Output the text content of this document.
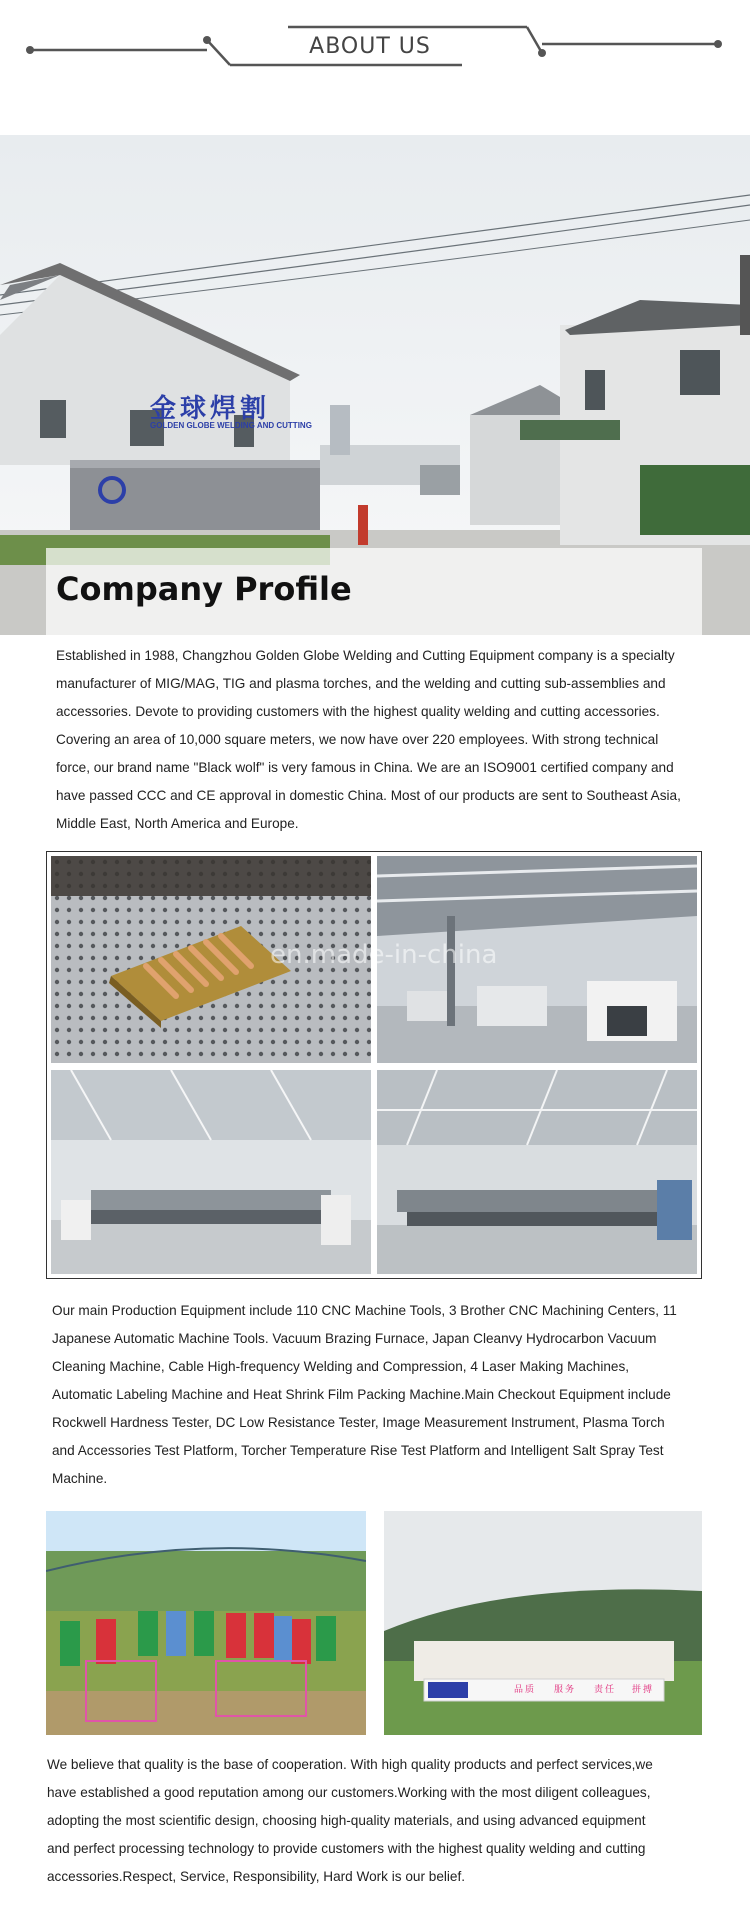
ABOUT US
金球焊割
GOLDEN GLOBE WELDING AND CUTTING
Company Profile
Established in 1988, Changzhou Golden Globe Welding and Cutting Equipment company is a specialty
manufacturer of MIG/MAG, TIG and plasma torches, and the welding and cutting sub-assemblies and
accessories. Devote to providing customers with the highest quality welding and cutting accessories.
Covering an area of 10,000 square meters, we now have over 220 employees. With strong technical
force, our brand name "Black wolf" is very famous in China. We are an ISO9001 certified company and
have passed CCC and CE approval in domestic China. Most of our products are sent to Southeast Asia,
Middle East, North America and Europe.
en.made-in-china
Our main Production Equipment include 110 CNC Machine Tools, 3 Brother CNC Machining Centers, 11
Japanese Automatic Machine Tools. Vacuum Brazing Furnace, Japan Cleanvy Hydrocarbon Vacuum
Cleaning Machine, Cable High-frequency Welding and Compression, 4 Laser Making Machines,
Automatic Labeling Machine and Heat Shrink Film Packing Machine.Main Checkout Equipment include
Rockwell Hardness Tester, DC Low Resistance Tester, Image Measurement Instrument, Plasma Torch
and Accessories Test Platform, Torcher Temperature Rise Test Platform and Intelligent Salt Spray Test
Machine.
品质 服务 责任 拼搏
We believe that quality is the base of cooperation. With high quality products and perfect services,we
have established a good reputation among our customers.Working with the most diligent colleagues,
adopting the most scientific design, choosing high-quality materials, and using advanced equipment
and perfect processing technology to provide customers with the highest quality welding and cutting
accessories.Respect, Service, Responsibility, Hard Work is our belief.
